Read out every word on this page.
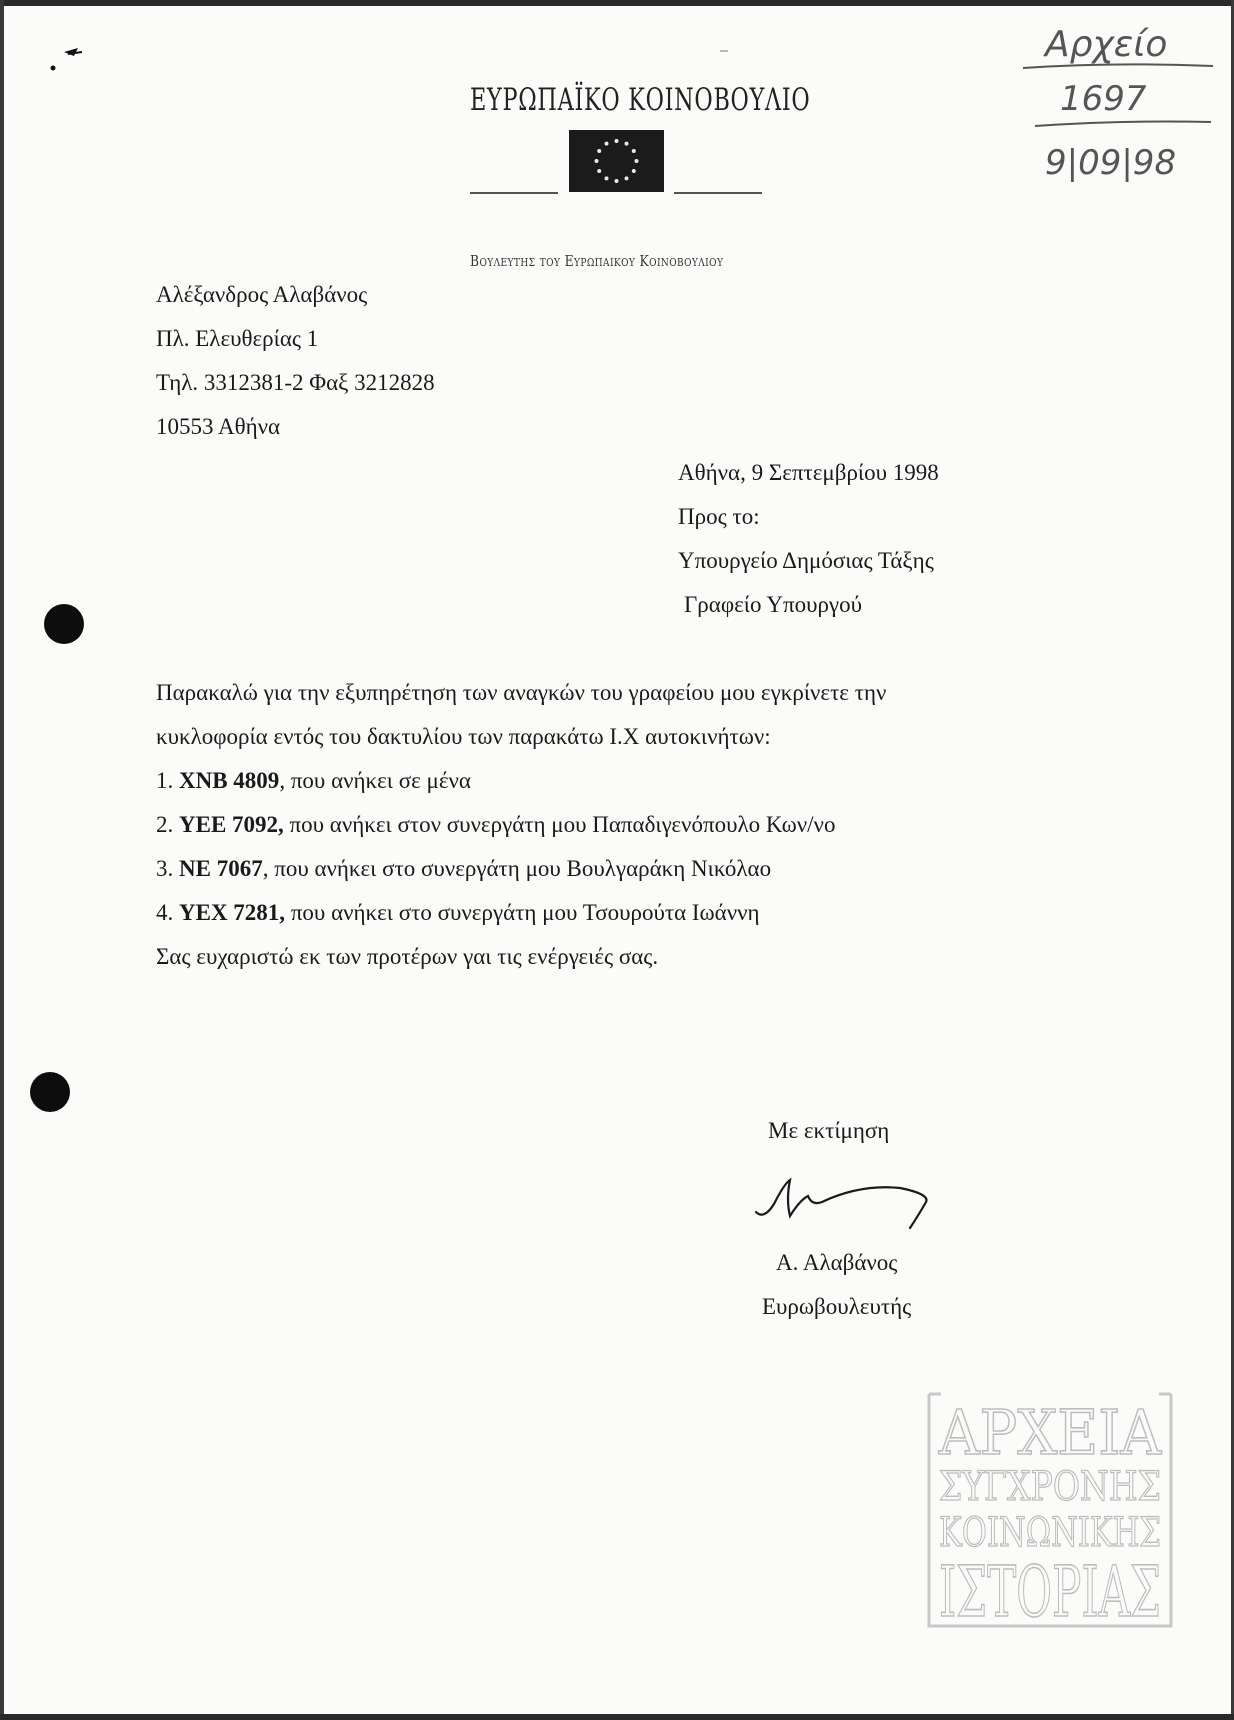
ΕΥΡΩΠΑΪΚΟ ΚΟΙΝΟΒΟΥΛΙΟ
Βουλευτης του Ευρωπαικου Κοινοβουλιου
Αρχείο
1697
9|09|98
Αλέξανδρος Αλαβάνος
Πλ. Ελευθερίας 1
Τηλ. 3312381-2 Φαξ 3212828
10553 Αθήνα
Αθήνα, 9 Σεπτεμβρίου 1998
Προς το:
Υπουργείο Δημόσιας Τάξης
Γραφείο Υπουργού
Παρακαλώ για την εξυπηρέτηση των αναγκών του γραφείου μου εγκρίνετε την
κυκλοφορία εντός του δακτυλίου των παρακάτω Ι.Χ αυτοκινήτων:
1. ΧΝΒ 4809, που ανήκει σε μένα
2. ΥΕΕ 7092, που ανήκει στον συνεργάτη μου Παπαδιγενόπουλο Κων/νο
3. ΝΕ 7067, που ανήκει στο συνεργάτη μου Βουλγαράκη Νικόλαο
4. ΥΕΧ 7281, που ανήκει στο συνεργάτη μου Τσουρούτα Ιωάννη
Σας ευχαριστώ εκ των προτέρων γαι τις ενέργειές σας.
Με εκτίμηση
Α. Αλαβάνος
Ευρωβουλευτής
ΑΡΧΕΙΑ
ΣΥΓΧΡΟΝΗΣ
ΚΟΙΝΩΝΙΚΗΣ
ΙΣΤΟΡΙΑΣ
